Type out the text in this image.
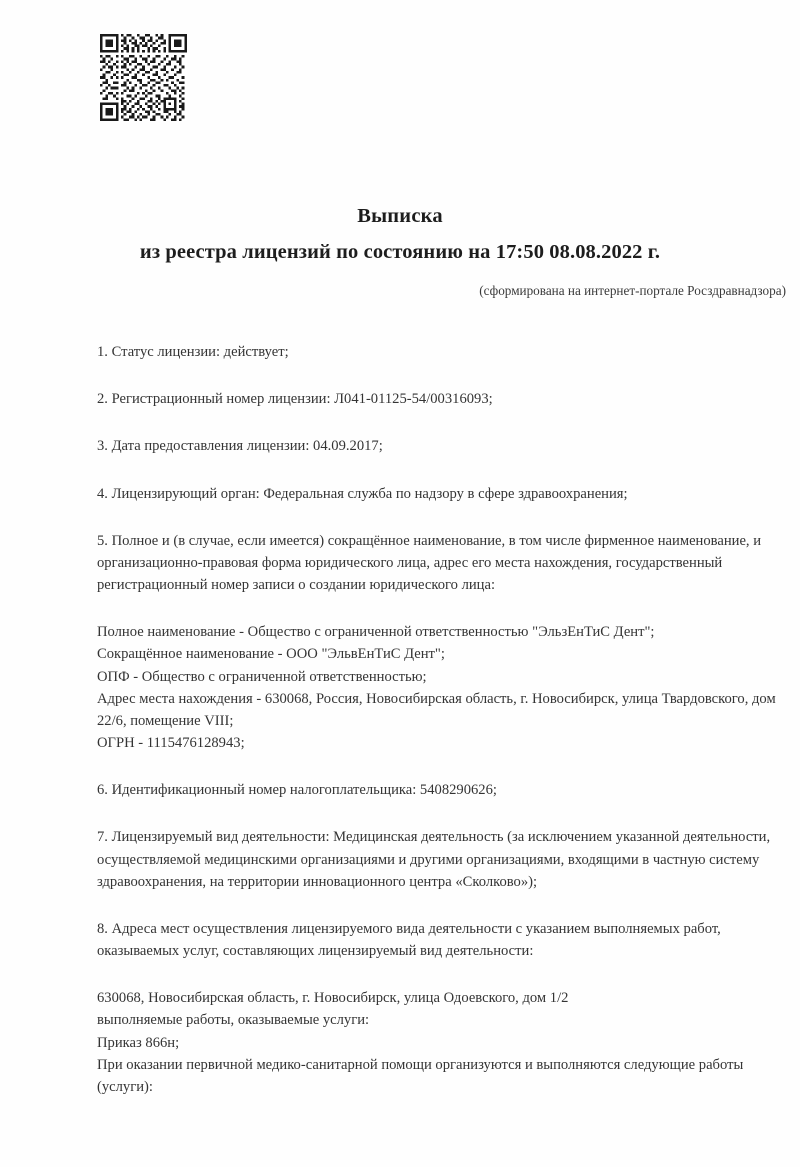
Выписка
из реестра лицензий по состоянию на 17:50 08.08.2022 г.
(сформирована на интернет-портале Росздравнадзора)

1. Статус лицензии: действует;

2. Регистрационный номер лицензии: Л041-01125-54/00316093;

3. Дата предоставления лицензии: 04.09.2017;

4. Лицензирующий орган: Федеральная служба по надзору в сфере здравоохранения;

5. Полное и (в случае, если имеется) сокращённое наименование, в том числе фирменное наименование, и организационно-правовая форма юридического лица, адрес его места нахождения, государственный регистрационный номер записи о создании юридического лица:

Полное наименование - Общество с ограниченной ответственностью "ЭльзЕнТиС Дент";

Сокращённое наименование - ООО "ЭльвЕнТиС Дент";

ОПФ - Общество с ограниченной ответственностью;

Адрес места нахождения - 630068, Россия, Новосибирская область, г. Новосибирск, улица Твардовского, дом 22/6, помещение VIII;

ОГРН - 1115476128943;

6. Идентификационный номер налогоплательщика: 5408290626;

7. Лицензируемый вид деятельности: Медицинская деятельность (за исключением указанной деятельности, осуществляемой медицинскими организациями и другими организациями, входящими в частную систему здравоохранения, на территории инновационного центра «Сколково»);

8. Адреса мест осуществления лицензируемого вида деятельности с указанием выполняемых работ, оказываемых услуг, составляющих лицензируемый вид деятельности:

630068, Новосибирская область, г. Новосибирск, улица Одоевского, дом 1/2

выполняемые работы, оказываемые услуги:

Приказ 866н;

При оказании первичной медико-санитарной помощи организуются и выполняются следующие работы (услуги):
